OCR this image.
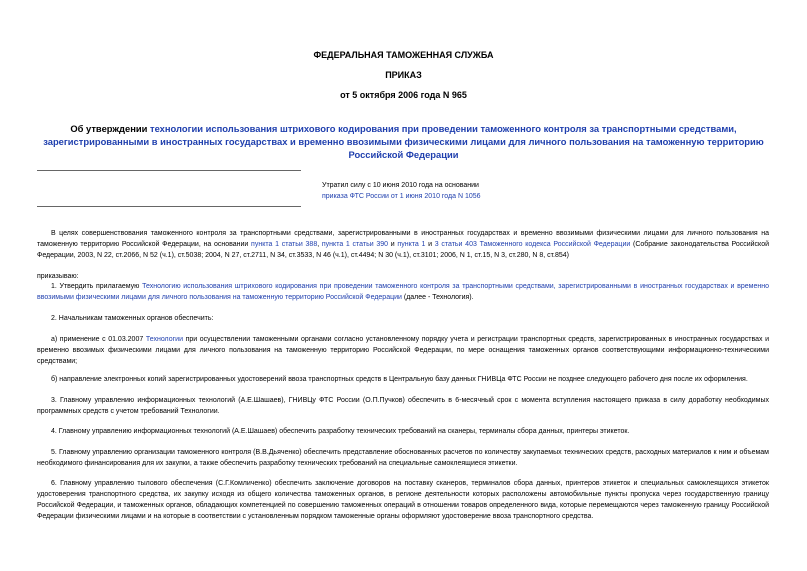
ФЕДЕРАЛЬНАЯ ТАМОЖЕННАЯ СЛУЖБА
ПРИКАЗ
от 5 октября 2006 года N 965
Об утверждении технологии использования штрихового кодирования при проведении таможенного контроля за транспортными средствами, зарегистрированными в иностранных государствах и временно ввозимыми физическими лицами для личного пользования на таможенную территорию Российской Федерации
Утратил силу с 10 июня 2010 года на основании
приказа ФТС России от 1 июня 2010 года N 1056
В целях совершенствования таможенного контроля за транспортными средствами, зарегистрированными в иностранных государствах и временно ввозимыми физическими лицами для личного пользования на таможенную территорию Российской Федерации, на основании пункта 1 статьи 388, пункта 1 статьи 390 и пункта 1 и 3 статьи 403 Таможенного кодекса Российской Федерации (Собрание законодательства Российской Федерации, 2003, N 22, ст.2066, N 52 (ч.1), ст.5038; 2004, N 27, ст.2711, N 34, ст.3533, N 46 (ч.1), ст.4494; N 30 (ч.1), ст.3101; 2006, N 1, ст.15, N 3, ст.280, N 8, ст.854)
приказываю:
1. Утвердить прилагаемую Технологию использования штрихового кодирования при проведении таможенного контроля за транспортными средствами, зарегистрированными в иностранных государствах и временно ввозимыми физическими лицами для личного пользования на таможенную территорию Российской Федерации (далее - Технология).
2. Начальникам таможенных органов обеспечить:
а) применение с 01.03.2007 Технологии при осуществлении таможенными органами согласно установленному порядку учета и регистрации транспортных средств, зарегистрированных в иностранных государствах и временно ввозимых физическими лицами для личного пользования на таможенную территорию Российской Федерации, по мере оснащения таможенных органов соответствующими информационно-техническими средствами;
б) направление электронных копий зарегистрированных удостоверений ввоза транспортных средств в Центральную базу данных ГНИВЦа ФТС России не позднее следующего рабочего дня после их оформления.
3. Главному управлению информационных технологий (А.Е.Шашаев), ГНИВЦу ФТС России (О.П.Пучков) обеспечить в 6-месячный срок с момента вступления настоящего приказа в силу доработку необходимых программных средств с учетом требований Технологии.
4. Главному управлению информационных технологий (А.Е.Шашаев) обеспечить разработку технических требований на сканеры, терминалы сбора данных, принтеры этикеток.
5. Главному управлению организации таможенного контроля (В.В.Дьяченко) обеспечить представление обоснованных расчетов по количеству закупаемых технических средств, расходных материалов к ним и объемам необходимого финансирования для их закупки, а также обеспечить разработку технических требований на специальные самоклеящиеся этикетки.
6. Главному управлению тылового обеспечения (С.Г.Комличенко) обеспечить заключение договоров на поставку сканеров, терминалов сбора данных, принтеров этикеток и специальных самоклеящихся этикеток удостоверения транспортного средства, их закупку исходя из общего количества таможенных органов, в регионе деятельности которых расположены автомобильные пункты пропуска через государственную границу Российской Федерации, и таможенных органов, обладающих компетенцией по совершению таможенных операций в отношении товаров определенного вида, которые перемещаются через таможенную границу Российской Федерации физическими лицами и на которые в соответствии с установленным порядком таможенные органы оформляют удостоверение ввоза транспортного средства.
